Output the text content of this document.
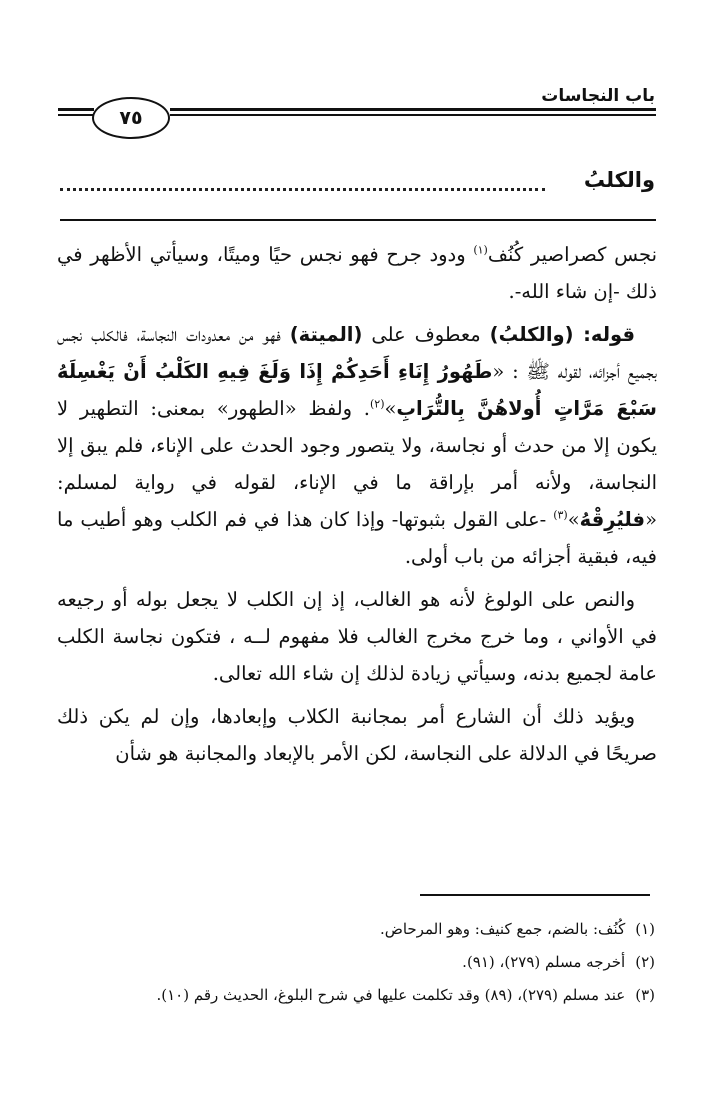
باب النجاسات
٧٥
والكلبُ

نجس كصراصير كُنُف$^{(١)}$ ودود جرح فهو نجس حيًا وميتًا، وسيأتي الأظهر في ذلك -إن شاء الله-.

قوله: (والكلبُ) معطوف على (الميتة) فهو من معدودات النجاسة، فالكلب نجس بجميع أجزائه، لقوله ﷺ : «طَهُورُ إِنَاءِ أَحَدِكُمْ إِذَا وَلَغَ فِيهِ الكَلْبُ أَنْ يَغْسِلَهُ سَبْعَ مَرَّاتٍ أُولاهُنَّ بِالتُّرَابِ»$^{(٢)}$. ولفظ «الطهور» بمعنى: التطهير لا يكون إلا من حدث أو نجاسة، ولا يتصور وجود الحدث على الإناء، فلم يبق إلا النجاسة، ولأنه أمر بإراقة ما في الإناء، لقوله في رواية لمسلم: «فليُرِقْهُ»$^{(٣)}$ -على القول بثبوتها- وإذا كان هذا في فم الكلب وهو أطيب ما فيه، فبقية أجزائه من باب أولى.

والنص على الولوغ لأنه هو الغالب، إذ إن الكلب لا يجعل بوله أو رجيعه في الأواني ، وما خرج مخرج الغالب فلا مفهوم لــه ، فتكون نجاسة الكلب عامة لجميع بدنه، وسيأتي زيادة لذلك إن شاء الله تعالى.

ويؤيد ذلك أن الشارع أمر بمجانبة الكلاب وإبعادها، وإن لم يكن ذلك صريحًا في الدلالة على النجاسة، لكن الأمر بالإبعاد والمجانبة هو شأن

(١)
كُنُف: بالضم، جمع كنيف: وهو المرحاض.
(٢)
أخرجه مسلم (٢٧٩)، (٩١).
(٣)
عند مسلم (٢٧٩)، (٨٩) وقد تكلمت عليها في شرح البلوغ، الحديث رقم (١٠).
